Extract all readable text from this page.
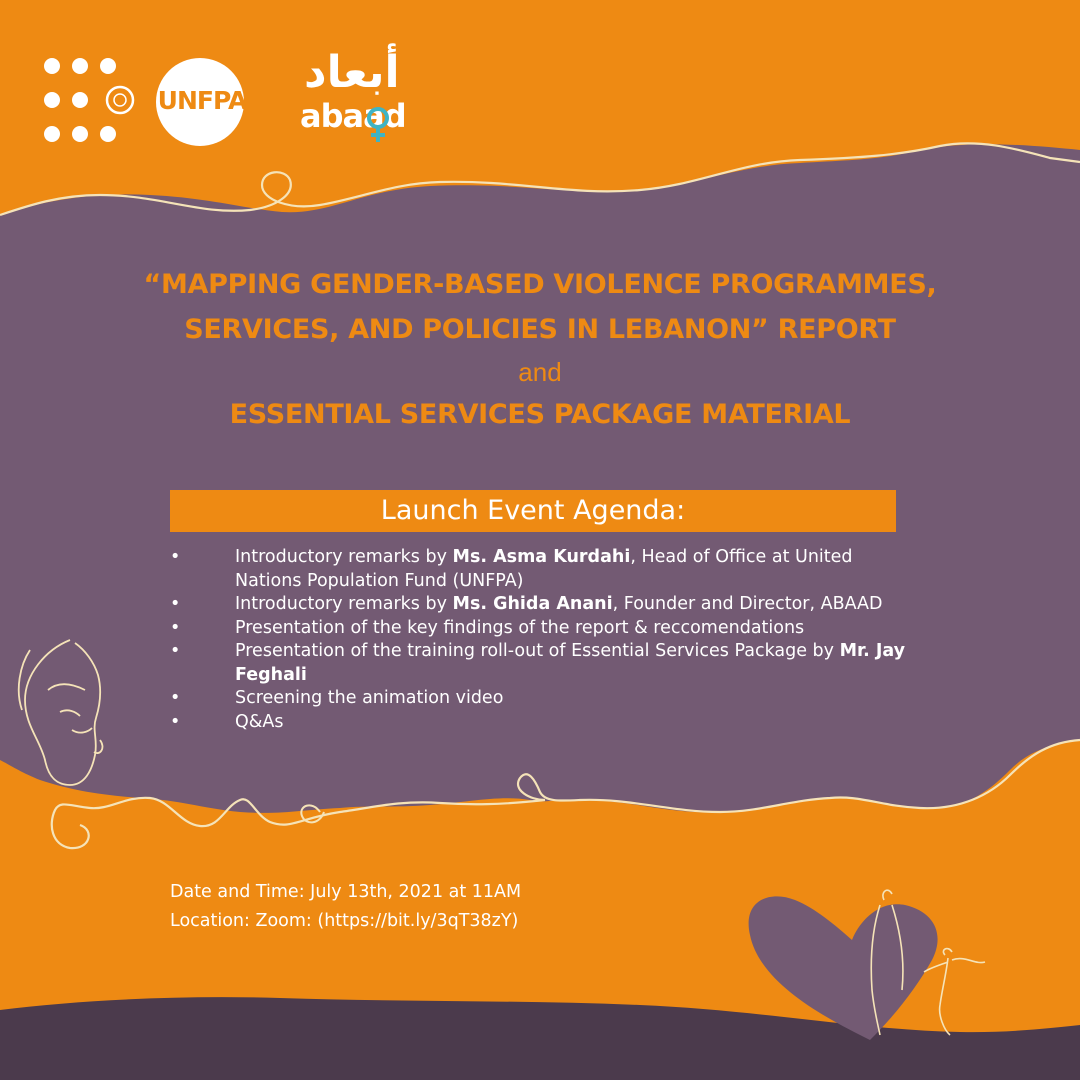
UNFPA
أبعاد
abaad
“MAPPING GENDER-BASED VIOLENCE PROGRAMMES,
SERVICES, AND POLICIES IN LEBANON” REPORT
and
ESSENTIAL SERVICES PACKAGE MATERIAL
Launch Event Agenda:
•	Introductory remarks by Ms. Asma Kurdahi, Head of Office at United Nations Population Fund (UNFPA)
•	Introductory remarks by Ms. Ghida Anani, Founder and Director, ABAAD
•	Presentation of the key findings of the report & reccomendations
•	Presentation of the training roll-out of Essential Services Package by Mr. Jay Feghali
•	Screening the animation video
•	Q&As
Date and Time: July 13th, 2021 at 11AM
Location: Zoom: (https://bit.ly/3qT38zY)
